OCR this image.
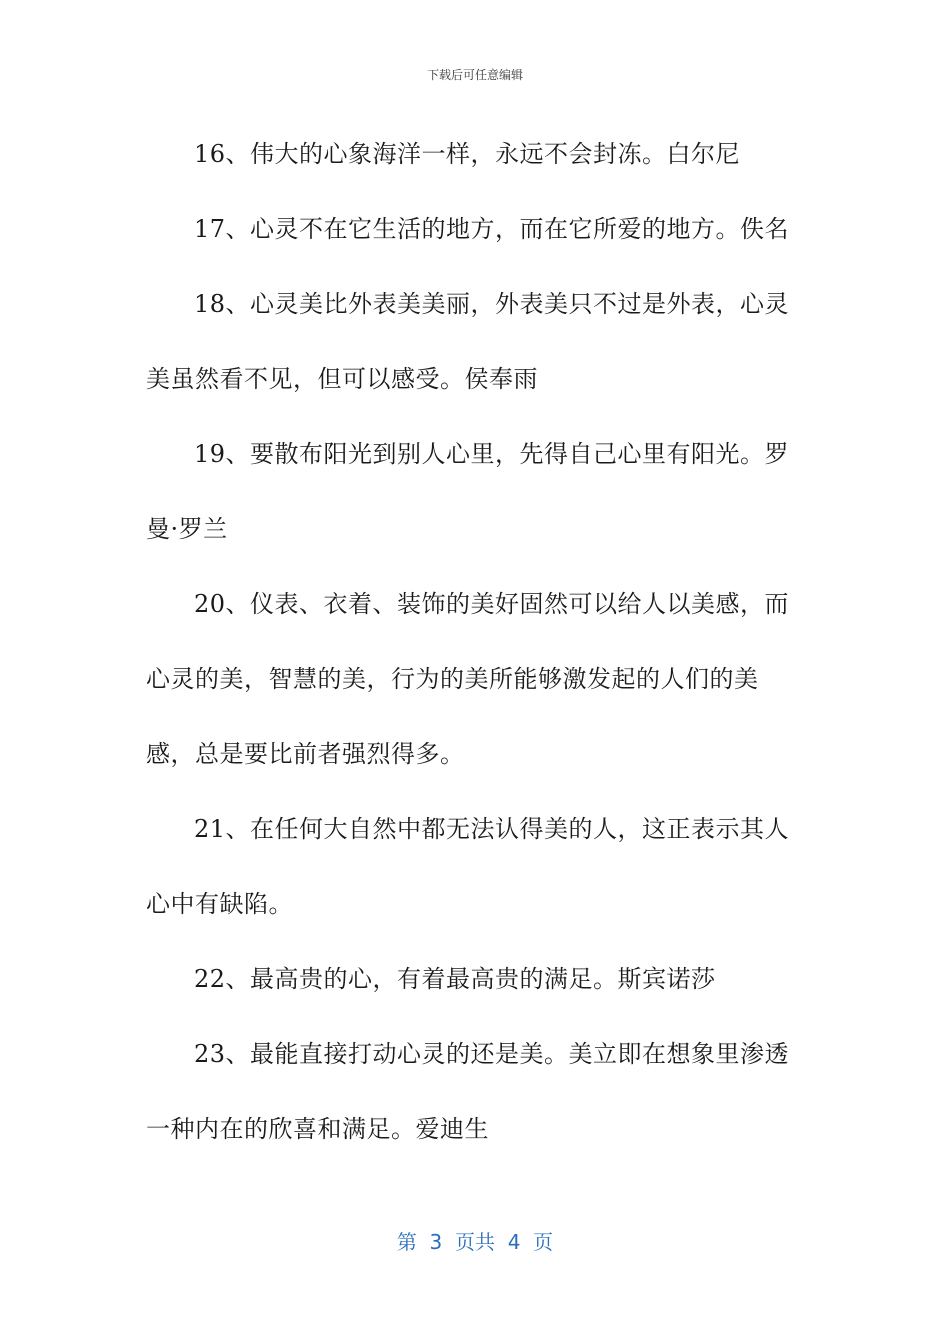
下载后可任意编辑

16、伟大的心象海洋一样，永远不会封冻。白尔尼

17、心灵不在它生活的地方，而在它所爱的地方。佚名

18、心灵美比外表美美丽，外表美只不过是外表，心灵美虽然看不见，但可以感受。侯奉雨

19、要散布阳光到别人心里，先得自己心里有阳光。罗曼·罗兰

20、仪表、衣着、装饰的美好固然可以给人以美感，而心灵的美，智慧的美，行为的美所能够激发起的人们的美感，总是要比前者强烈得多。

21、在任何大自然中都无法认得美的人，这正表示其人心中有缺陷。

22、最高贵的心，有着最高贵的满足。斯宾诺莎

23、最能直接打动心灵的还是美。美立即在想象里渗透一种内在的欣喜和满足。爱迪生

第  3  页共  4  页
